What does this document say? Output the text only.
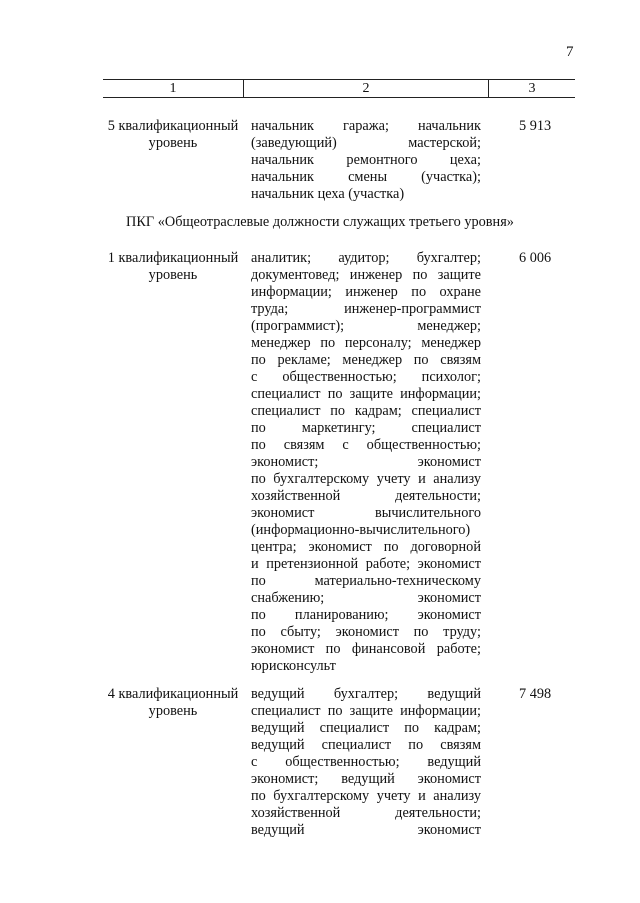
7
1	2	3
5 квалификационный уровень
начальник гаража; начальник
(заведующий) мастерской;
начальник ремонтного цеха;
начальник смены (участка);
начальник цеха (участка)
5 913
ПКГ «Общеотраслевые должности служащих третьего уровня»
1 квалификационный уровень
аналитик; аудитор; бухгалтер;
документовед; инженер по защите
информации; инженер по охране
труда; инженер-программист
(программист); менеджер;
менеджер по персоналу; менеджер
по рекламе; менеджер по связям
с общественностью; психолог;
специалист по защите информации;
специалист по кадрам; специалист
по маркетингу; специалист
по связям с общественностью;
экономист; экономист
по бухгалтерскому учету и анализу
хозяйственной деятельности;
экономист вычислительного
(информационно-вычислительного)
центра; экономист по договорной
и претензионной работе; экономист
по материально-техническому
снабжению; экономист
по планированию; экономист
по сбыту; экономист по труду;
экономист по финансовой работе;
юрисконсульт
6 006
4 квалификационный уровень
ведущий бухгалтер; ведущий
специалист по защите информации;
ведущий специалист по кадрам;
ведущий специалист по связям
с общественностью; ведущий
экономист; ведущий экономист
по бухгалтерскому учету и анализу
хозяйственной деятельности;
ведущий экономист
7 498
